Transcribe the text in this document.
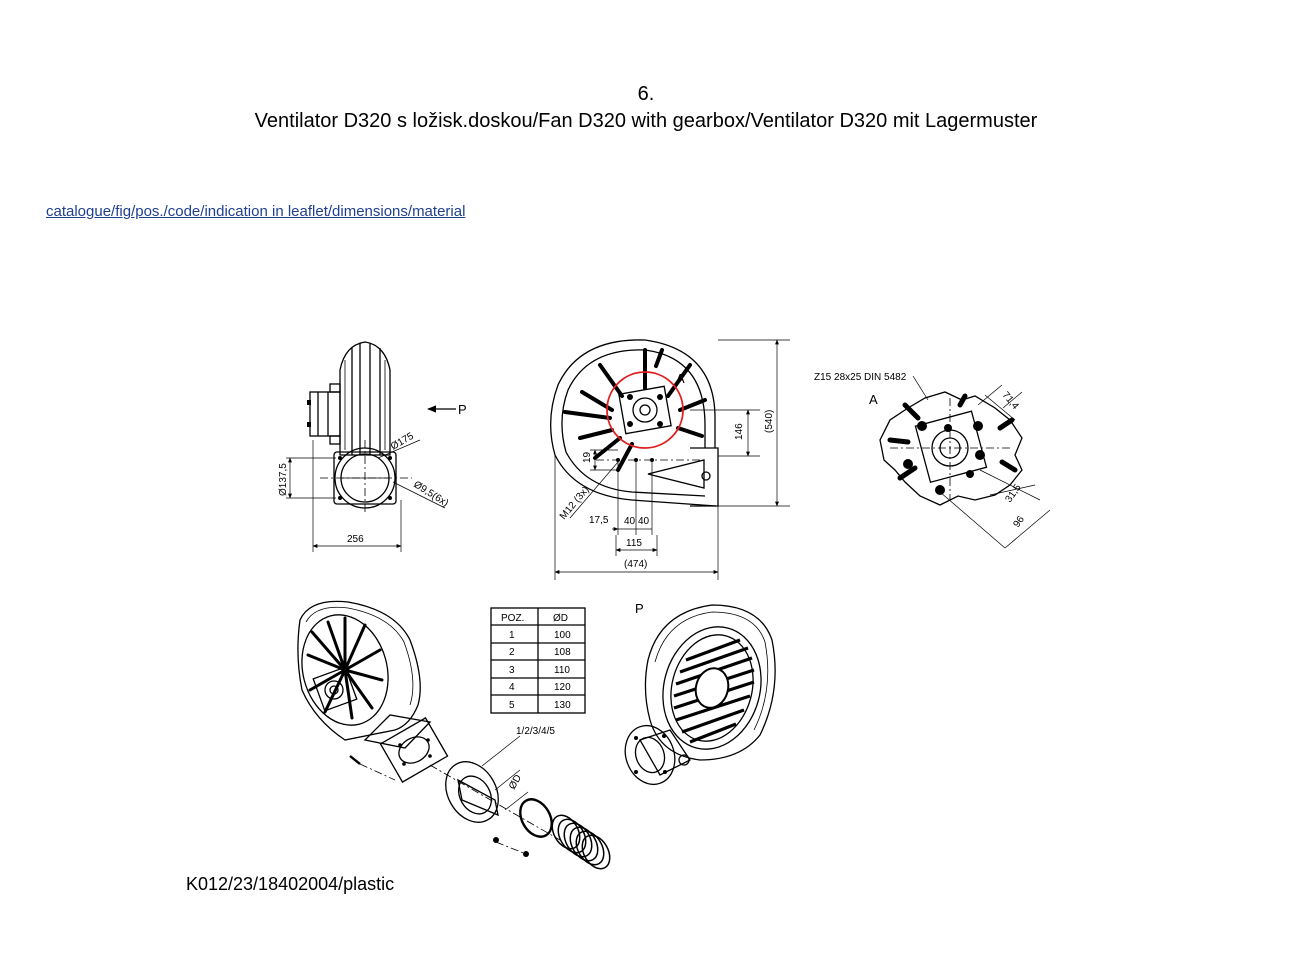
6.
Ventilator D320 s ložisk.doskou/Fan D320 with gearbox/Ventilator D320 mit Lagermuster
catalogue/fig/pos./code/indication in leaflet/dimensions/material
P
Ø175
Ø9,5(6x)
Ø137,5
256
A
(540)
146
19
M12 (3x)
17,5 40 40
115
(474)
A
Z15 28x25 DIN 5482
71,4
31,5
96
1/2/3/4/5
ØD
POZ.	ØD
1	100
2	108
3	110
4	120
5	130
P
K012/23/18402004/plastic
